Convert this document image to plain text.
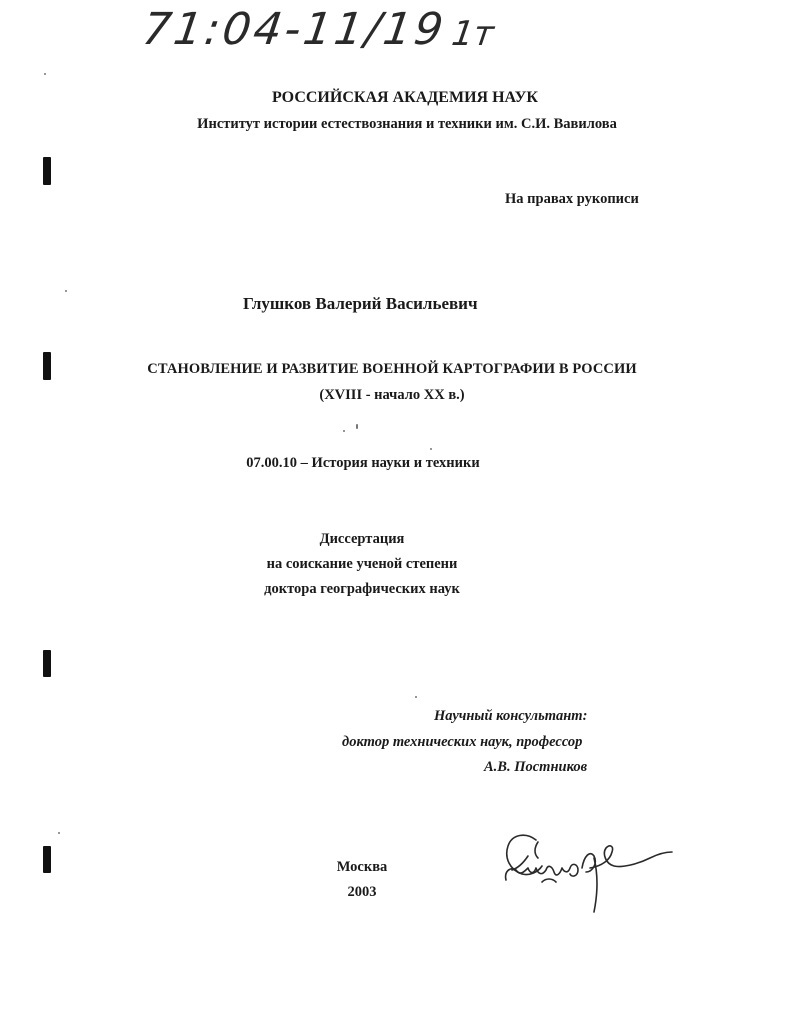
71:04-11/19 1т
РОССИЙСКАЯ АКАДЕМИЯ НАУК
Институт истории естествознания и техники им. С.И. Вавилова
На правах рукописи
Глушков Валерий Васильевич
СТАНОВЛЕНИЕ И РАЗВИТИЕ ВОЕННОЙ КАРТОГРАФИИ В РОССИИ
(XVIII - начало XX в.)
07.00.10 – История науки и техники
Диссертация
на соискание ученой степени
доктора географических наук
Научный консультант:
доктор технических наук, профессор
А.В. Постников
Москва
2003
